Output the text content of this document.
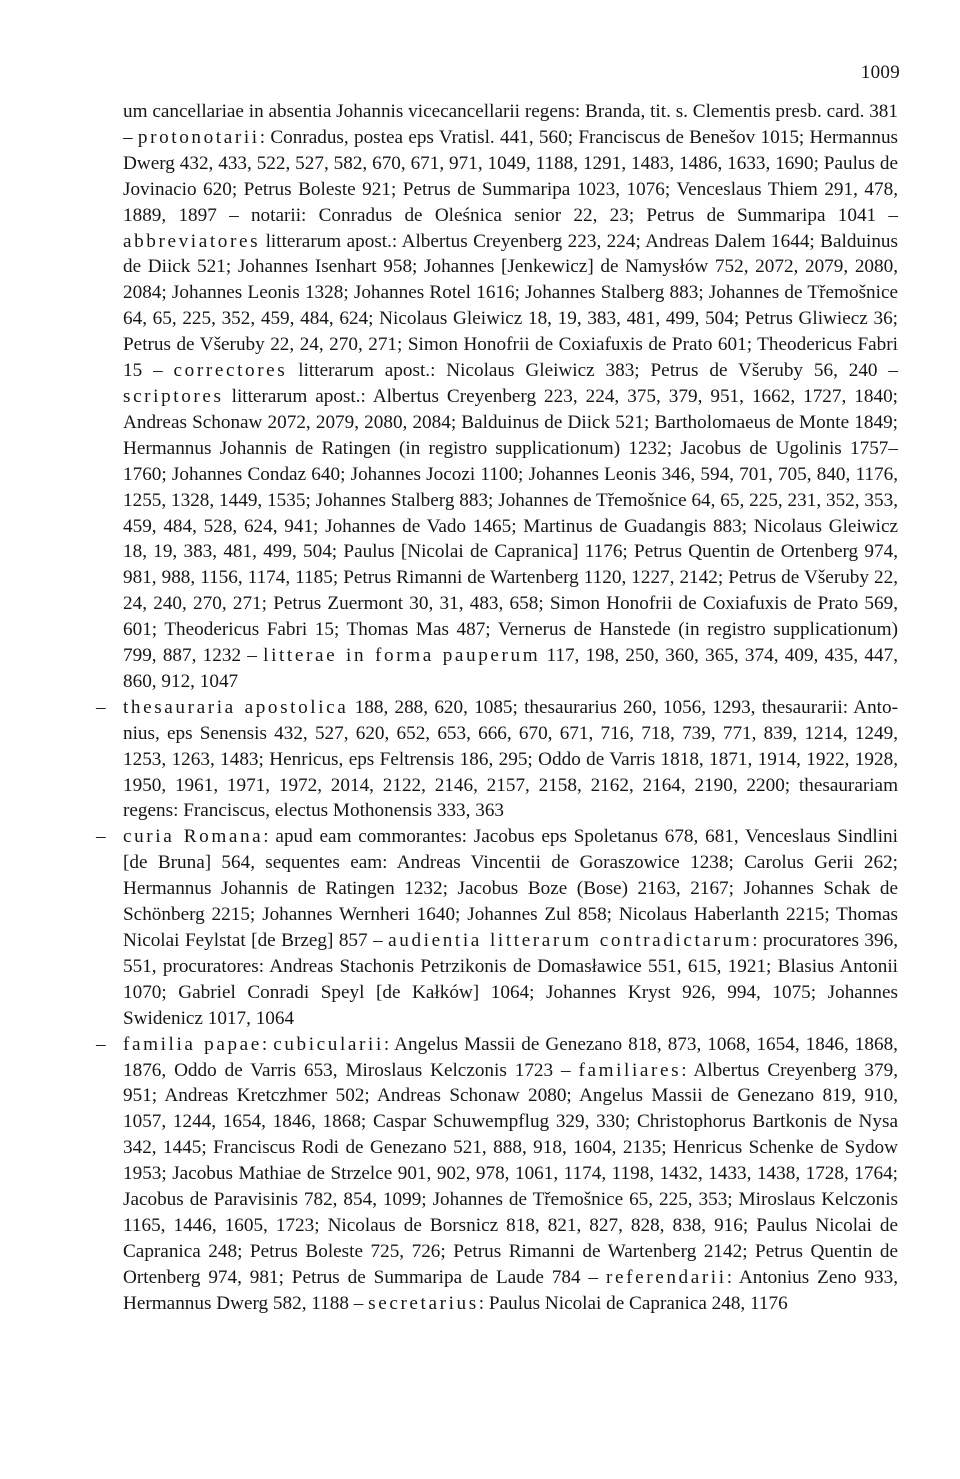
1009

um cancellariae in absentia Johannis vicecancellarii regens: Branda, tit. s. Clementis presb. card. 381 – protonotarii: Conradus, postea eps Vratisl. 441, 560; Franciscus de Benešov 1015; Hermannus Dwerg 432, 433, 522, 527, 582, 670, 671, 971, 1049, 1188, 1291, 1483, 1486, 1633, 1690; Paulus de Jovinacio 620; Petrus Boleste 921; Petrus de Summaripa 1023, 1076; Venceslaus Thiem 291, 478, 1889, 1897 – notarii: Conradus de Oleśnica senior 22, 23; Petrus de Summaripa 1041 – abbreviatores litterarum apost.: Albertus Creyenberg 223, 224; Andreas Dalem 1644; Balduinus de Diick 521; Johannes Isenhart 958; Johannes [Jenkewicz] de Namysłów 752, 2072, 2079, 2080, 2084; Johannes Leonis 1328; Johannes Rotel 1616; Johannes Stalberg 883; Johannes de Třemošnice 64, 65, 225, 352, 459, 484, 624; Nicolaus Gleiwicz 18, 19, 383, 481, 499, 504; Petrus Gliwiecz 36; Petrus de Všeruby 22, 24, 270, 271; Simon Honofrii de Coxiafuxis de Prato 601; Theodericus Fabri 15 – correctores litterarum apost.: Nicolaus Gleiwicz 383; Petrus de Všeruby 56, 240 – scriptores litterarum apost.: Albertus Creyenberg 223, 224, 375, 379, 951, 1662, 1727, 1840; Andreas Schonaw 2072, 2079, 2080, 2084; Balduinus de Diick 521; Bartholomaeus de Monte 1849; Hermannus Johannis de Ratingen (in registro supplicationum) 1232; Jacobus de Ugolinis 1757–1760; Johannes Condaz 640; Johannes Jocozi 1100; Johannes Leonis 346, 594, 701, 705, 840, 1176, 1255, 1328, 1449, 1535; Johannes Stalberg 883; Johannes de Třemošnice 64, 65, 225, 231, 352, 353, 459, 484, 528, 624, 941; Johannes de Vado 1465; Martinus de Guadangis 883; Nicolaus Gleiwicz 18, 19, 383, 481, 499, 504; Paulus [Nicolai de Capranica] 1176; Petrus Quentin de Ortenberg 974, 981, 988, 1156, 1174, 1185; Petrus Rimanni de Wartenberg 1120, 1227, 2142; Petrus de Všeruby 22, 24, 240, 270, 271; Petrus Zuermont 30, 31, 483, 658; Simon Honofrii de Coxiafuxis de Prato 569, 601; Theodericus Fabri 15; Thomas Mas 487; Vernerus de Hanstede (in registro supplicationum) 799, 887, 1232 – litterae in forma pauperum 117, 198, 250, 360, 365, 374, 409, 435, 447, 860, 912, 1047

– thesauraria apostolica 188, 288, 620, 1085; thesaurarius 260, 1056, 1293, thesaurarii: Antonius, eps Senensis 432, 527, 620, 652, 653, 666, 670, 671, 716, 718, 739, 771, 839, 1214, 1249, 1253, 1263, 1483; Henricus, eps Feltrensis 186, 295; Oddo de Varris 1818, 1871, 1914, 1922, 1928, 1950, 1961, 1971, 1972, 2014, 2122, 2146, 2157, 2158, 2162, 2164, 2190, 2200; thesaurariam regens: Franciscus, electus Mothonensis 333, 363

– curia Romana: apud eam commorantes: Jacobus eps Spoletanus 678, 681, Venceslaus Sindlini [de Bruna] 564, sequentes eam: Andreas Vincentii de Goraszowice 1238; Carolus Gerii 262; Hermannus Johannis de Ratingen 1232; Jacobus Boze (Bose) 2163, 2167; Johannes Schak de Schönberg 2215; Johannes Wernheri 1640; Johannes Zul 858; Nicolaus Haberlanth 2215; Thomas Nicolai Feylstat [de Brzeg] 857 – audientia litterarum contradictarum: procuratores 396, 551, procuratores: Andreas Stachonis Petrzikonis de Domasławice 551, 615, 1921; Blasius Antonii 1070; Gabriel Conradi Speyl [de Kałków] 1064; Johannes Kryst 926, 994, 1075; Johannes Swidenicz 1017, 1064

– familia papae: cubicularii: Angelus Massii de Genezano 818, 873, 1068, 1654, 1846, 1868, 1876, Oddo de Varris 653, Miroslaus Kelczonis 1723 – familiares: Albertus Creyenberg 379, 951; Andreas Kretczhmer 502; Andreas Schonaw 2080; Angelus Massii de Genezano 819, 910, 1057, 1244, 1654, 1846, 1868; Caspar Schuwempflug 329, 330; Christophorus Bartkonis de Nysa 342, 1445; Franciscus Rodi de Genezano 521, 888, 918, 1604, 2135; Henricus Schenke de Sydow 1953; Jacobus Mathiae de Strzelce 901, 902, 978, 1061, 1174, 1198, 1432, 1433, 1438, 1728, 1764; Jacobus de Paravisinis 782, 854, 1099; Johannes de Třemošnice 65, 225, 353; Miroslaus Kelczonis 1165, 1446, 1605, 1723; Nicolaus de Borsnicz 818, 821, 827, 828, 838, 916; Paulus Nicolai de Capranica 248; Petrus Boleste 725, 726; Petrus Rimanni de Wartenberg 2142; Petrus Quentin de Ortenberg 974, 981; Petrus de Summaripa de Laude 784 – referendarii: Antonius Zeno 933, Hermannus Dwerg 582, 1188 – secretarius: Paulus Nicolai de Capranica 248, 1176
